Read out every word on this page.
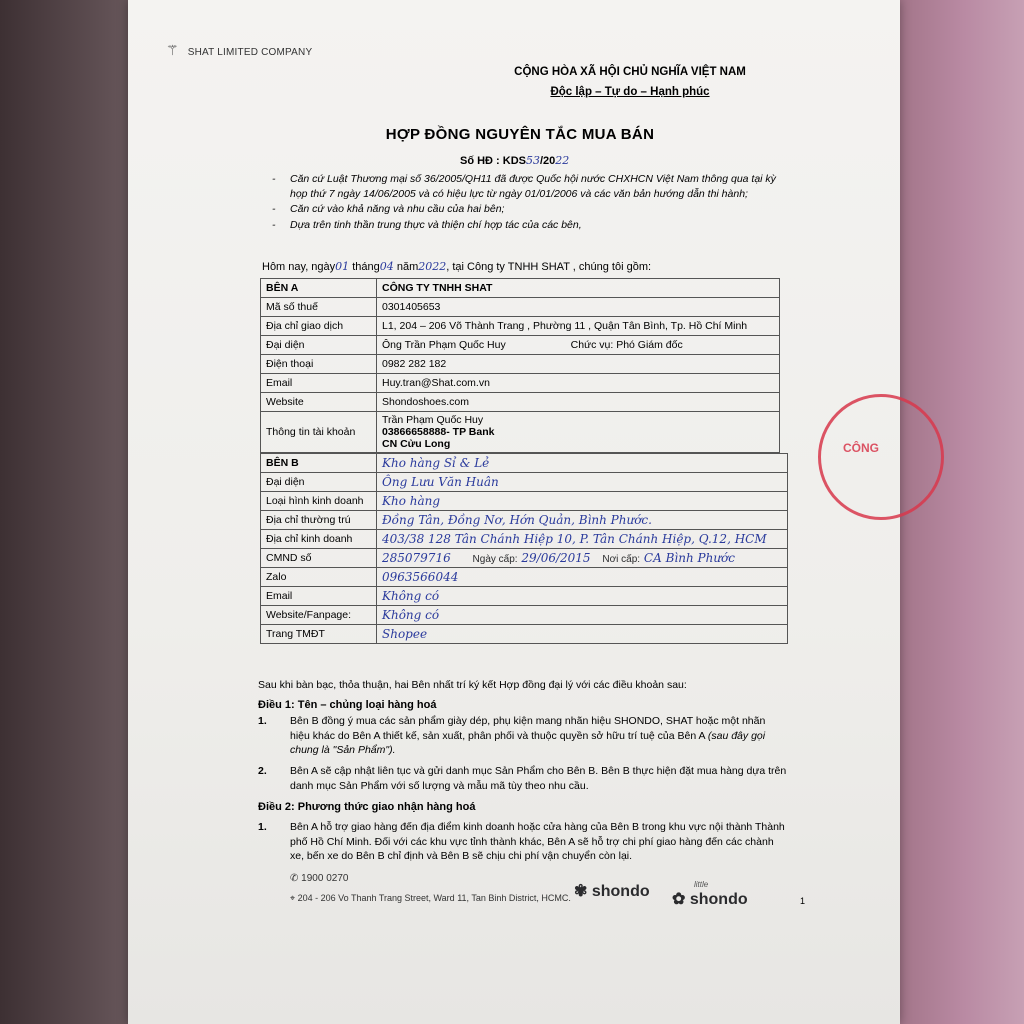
⚚ SHAT LIMITED COMPANY
CỘNG HÒA XÃ HỘI CHỦ NGHĨA VIỆT NAM
Độc lập – Tự do – Hạnh phúc
HỢP ĐỒNG NGUYÊN TẮC MUA BÁN
Số HĐ : KDS53/2022
-	Căn cứ Luật Thương mại số 36/2005/QH11 đã được Quốc hội nước CHXHCN Việt Nam thông qua tại kỳ họp thứ 7 ngày 14/06/2005 và có hiệu lực từ ngày 01/01/2006 và các văn bản hướng dẫn thi hành;
-	Căn cứ vào khả năng và nhu cầu của hai bên;
-	Dựa trên tinh thần trung thực và thiện chí hợp tác của các bên,
Hôm nay, ngày01 tháng04 năm2022, tại Công ty TNHH SHAT , chúng tôi gồm:
BÊN A	CÔNG TY TNHH SHAT
Mã số thuế	0301405653
Địa chỉ giao dịch	L1, 204 – 206 Võ Thành Trang , Phường 11 , Quận Tân Bình, Tp. Hồ Chí Minh
Đại diện	Ông Trần Phạm Quốc Huy Chức vụ: Phó Giám đốc
Điện thoại	0982 282 182
Email	Huy.tran@Shat.com.vn
Website	Shondoshoes.com
Thông tin tài khoản	Trần Phạm Quốc Huy
03866658888- TP Bank
CN Cửu Long
BÊN B	Kho hàng Sỉ & Lẻ
Đại diện	Ông Lưu Văn Huân
Loại hình kinh doanh	Kho hàng
Địa chỉ thường trú	Đồng Tân, Đồng Nơ, Hớn Quản, Bình Phước.
Địa chỉ kinh doanh	403/38 128 Tân Chánh Hiệp 10, P. Tân Chánh Hiệp, Q.12, HCM
CMND số	285079716 Ngày cấp: 29/06/2015 Nơi cấp: CA Bình Phước
Zalo	0963566044
Email	Không có
Website/Fanpage:	Không có
Trang TMĐT	Shopee
Sau khi bàn bạc, thỏa thuận, hai Bên nhất trí ký kết Hợp đồng đại lý với các điều khoản sau:
Điều 1: Tên – chủng loại hàng hoá
1.	Bên B đồng ý mua các sản phẩm giày dép, phụ kiện mang nhãn hiệu SHONDO, SHAT hoặc một nhãn hiệu khác do Bên A thiết kế, sản xuất, phân phối và thuộc quyền sở hữu trí tuệ của Bên A (sau đây gọi chung là "Sản Phẩm").
2.	Bên A sẽ cập nhật liên tục và gửi danh mục Sản Phẩm cho Bên B. Bên B thực hiện đặt mua hàng dựa trên danh mục Sản Phẩm với số lượng và mẫu mã tùy theo nhu cầu.
Điều 2: Phương thức giao nhận hàng hoá
1.	Bên A hỗ trợ giao hàng đến địa điểm kinh doanh hoặc cửa hàng của Bên B trong khu vực nội thành Thành phố Hồ Chí Minh. Đối với các khu vực tỉnh thành khác, Bên A sẽ hỗ trợ chi phí giao hàng đến các chành xe, bến xe do Bên B chỉ định và Bên B sẽ chịu chi phí vận chuyển còn lại.
✆ 1900 0270
⌖ 204 - 206 Vo Thanh Trang Street, Ward 11, Tan Binh District, HCMC. ✾ shondo	little
✿ shondo	1
CÔNG
